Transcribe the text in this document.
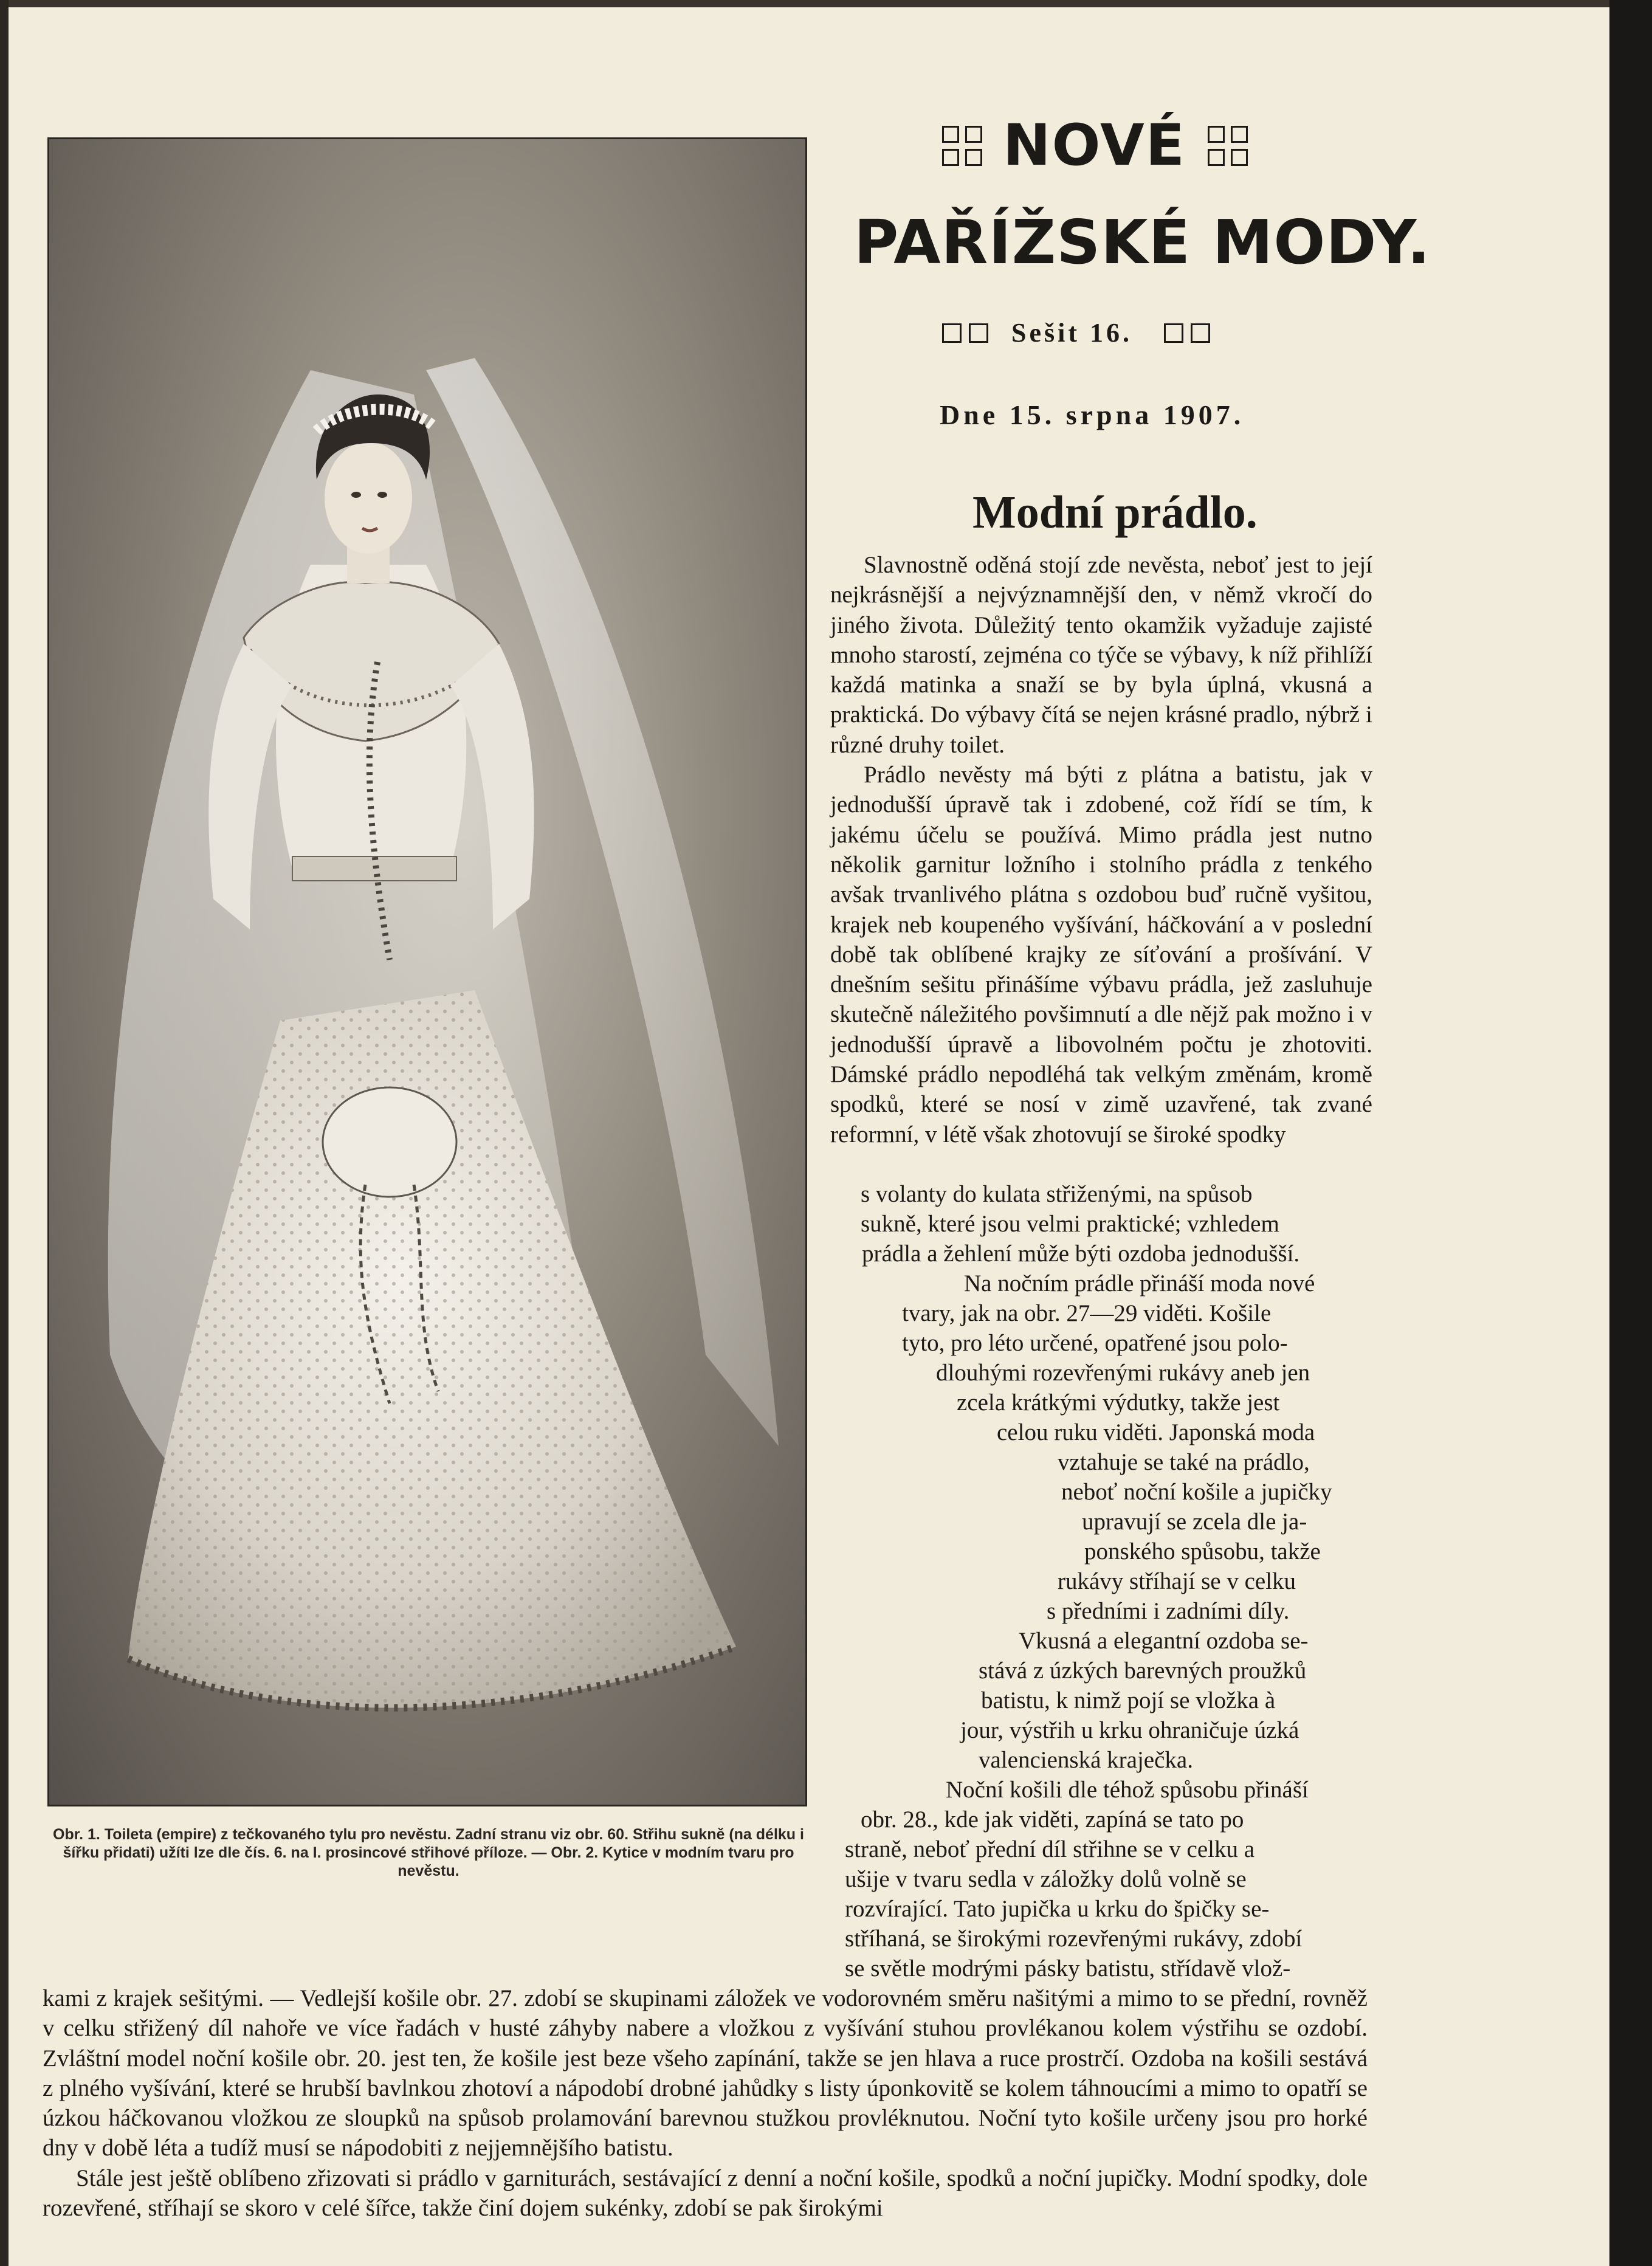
Obr. 1. Toileta (empire) z tečkovaného tylu pro nevěstu. Zadní stranu viz obr. 60. Střihu sukně (na délku i šířku přidati) užíti lze dle čís. 6. na I. prosincové střihové příloze. — Obr. 2. Kytice v modním tvaru pro nevěstu.
NOVÉ
PAŘÍŽSKÉ MODY.
Sešit 16.
Dne 15. srpna 1907.
Modní prádlo.

Slavnostně oděná stojí zde nevěsta, neboť jest to její nejkrásnější a nejvýznamnější den, v němž vkročí do jiného života. Důležitý tento okamžik vyžaduje zajisté mnoho starostí, zejména co týče se výbavy, k níž přihlíží každá matinka a snaží se by byla úplná, vkusná a praktická. Do výbavy čítá se nejen krásné pradlo, nýbrž i různé druhy toilet.

Prádlo nevěsty má býti z plátna a batistu, jak v jednodušší úpravě tak i zdobené, což řídí se tím, k jakému účelu se používá. Mimo prádla jest nutno několik garnitur ložního i stolního prádla z tenkého avšak trvanlivého plátna s ozdobou buď ručně vyšitou, krajek neb koupeného vyšívání, háčkování a v poslední době tak oblíbené krajky ze síťování a prošívání. V dnešním sešitu přinášíme výbavu prádla, jež zasluhuje skutečně náležitého povšimnutí a dle nějž pak možno i v jednodušší úpravě a libovolném počtu je zhotoviti. Dámské prádlo nepodléhá tak velkým změnám, kromě spodků, které se nosí v zimě uzavřené, tak zvané reformní, v létě však zhotovují se široké spodky

s volanty do kulata střiženými, na spůsob
sukně, které jsou velmi praktické; vzhledem
prádla a žehlení může býti ozdoba jednodušší.
Na nočním prádle přináší moda nové
tvary, jak na obr. 27—29 viděti. Košile
tyto, pro léto určené, opatřené jsou polo-
dlouhými rozevřenými rukávy aneb jen
zcela krátkými výdutky, takže jest
celou ruku viděti. Japonská moda
vztahuje se také na prádlo,
neboť noční košile a jupičky
upravují se zcela dle ja-
ponského spůsobu, takže
rukávy stříhají se v celku
s předními i zadními díly.
Vkusná a elegantní ozdoba se-
stává z úzkých barevných proužků
batistu, k nimž pojí se vložka à
jour, výstřih u krku ohraničuje úzká
valencienská kraječka.
Noční košili dle téhož spůsobu přináší
obr. 28., kde jak viděti, zapíná se tato po
straně, neboť přední díl střihne se v celku a
ušije v tvaru sedla v záložky dolů volně se
rozvírající. Tato jupička u krku do špičky se-
stříhaná, se širokými rozevřenými rukávy, zdobí
se světle modrými pásky batistu, střídavě vlož-

kami z krajek sešitými. — Vedlejší košile obr. 27. zdobí se skupinami záložek ve vodorovném směru našitými a mimo to se přední, rovněž v celku střižený díl nahoře ve více řadách v husté záhyby nabere a vložkou z vyšívání stuhou provlékanou kolem výstřihu se ozdobí. Zvláštní model noční košile obr. 20. jest ten, že košile jest beze všeho zapínání, takže se jen hlava a ruce prostrčí. Ozdoba na košili sestává z plného vyšívání, které se hrubší bavlnkou zhotoví a nápodobí drobné jahůdky s listy úponkovitě se kolem táhnoucími a mimo to opatří se úzkou háčkovanou vložkou ze sloupků na spůsob prolamování barevnou stužkou provléknutou. Noční tyto košile určeny jsou pro horké dny v době léta a tudíž musí se nápodobiti z nejjemnějšího batistu.

Stále jest ještě oblíbeno zřizovati si prádlo v garniturách, sestávající z denní a noční košile, spodků a noční jupičky. Modní spodky, dole rozevřené, stříhají se skoro v celé šířce, takže činí dojem sukénky, zdobí se pak širokými
